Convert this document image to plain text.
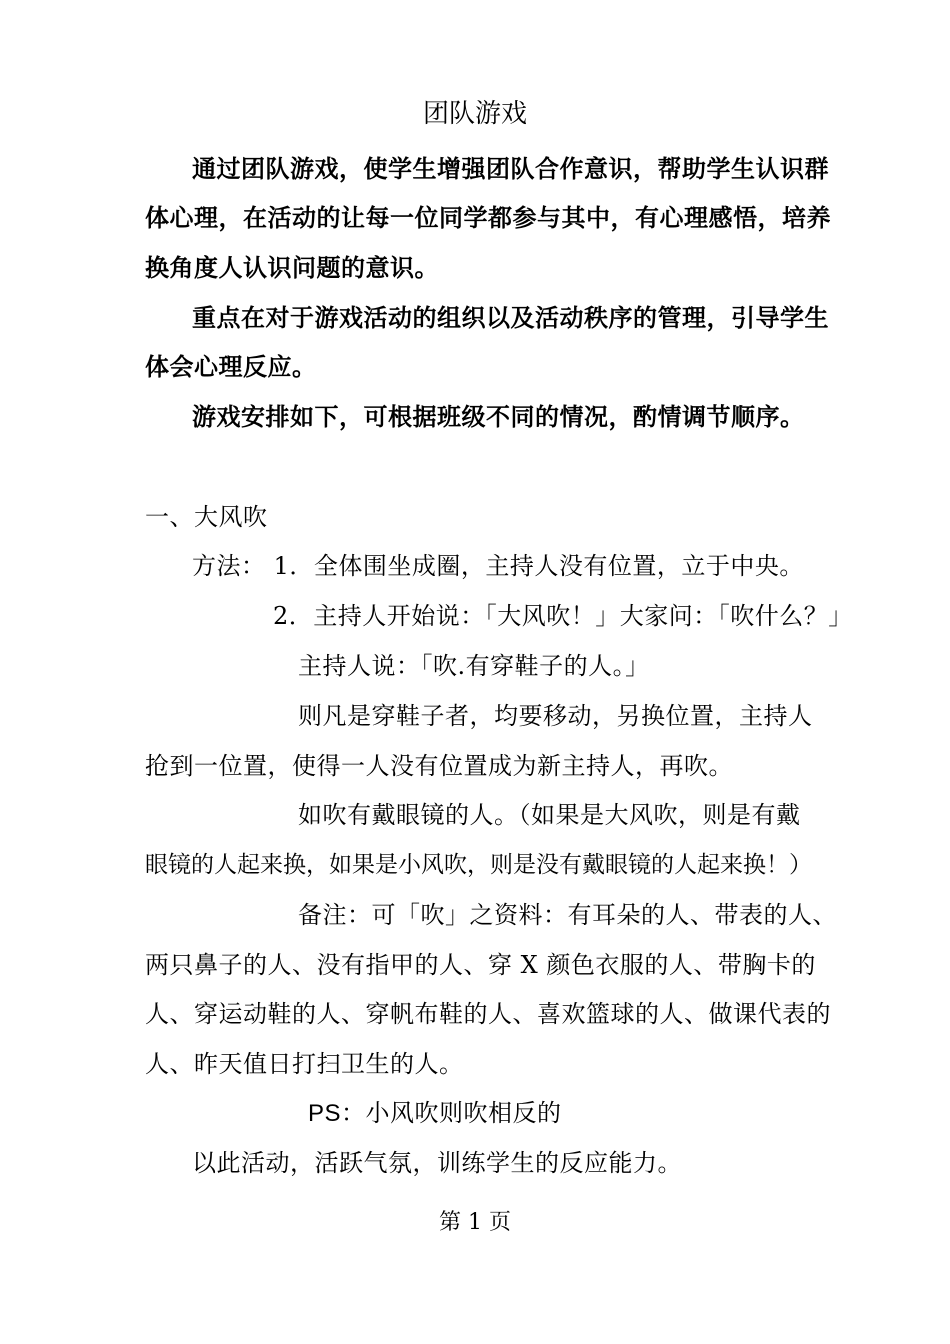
团队游戏
通过团队游戏，使学生增强团队合作意识，帮助学生认识群
体心理，在活动的让每一位同学都参与其中，有心理感悟，培养
换角度人认识问题的意识。
重点在对于游戏活动的组织以及活动秩序的管理，引导学生
体会心理反应。
游戏安排如下，可根据班级不同的情况，酌情调节顺序。
一、大风吹
方法： 1．全体围坐成圈，主持人没有位置，立于中央。
2．主持人开始说：「大风吹！」大家问：「吹什么？」
主持人说：「吹.有穿鞋子的人。」
则凡是穿鞋子者，均要移动，另换位置，主持人
抢到一位置，使得一人没有位置成为新主持人，再吹。
如吹有戴眼镜的人。（如果是大风吹，则是有戴
眼镜的人起来换，如果是小风吹，则是没有戴眼镜的人起来换！）
备注：可「吹」之资料：有耳朵的人、带表的人、
两只鼻子的人、没有指甲的人、穿 X 颜色衣服的人、带胸卡的
人、穿运动鞋的人、穿帆布鞋的人、喜欢篮球的人、做课代表的
人、昨天值日打扫卫生的人。
PS：小风吹则吹相反的
以此活动，活跃气氛，训练学生的反应能力。
第 1 页
